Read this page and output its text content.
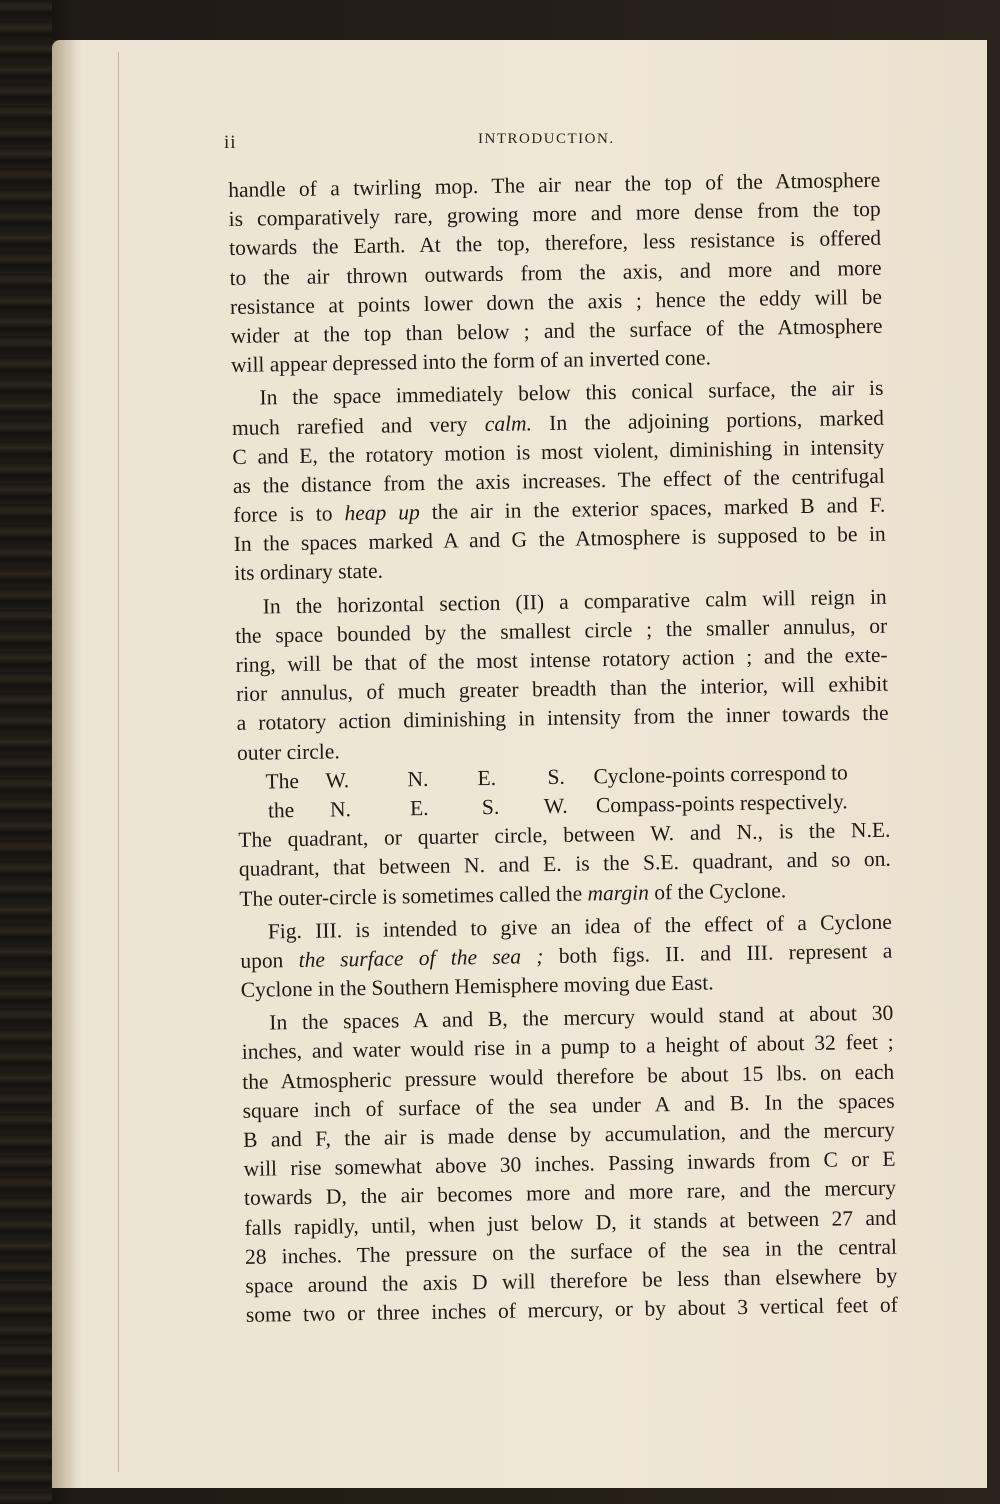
ii	INTRODUCTION.
handle of a twirling mop. The air near the top of the Atmosphere
is comparatively rare, growing more and more dense from the top
towards the Earth. At the top, therefore, less resistance is offered
to the air thrown outwards from the axis, and more and more
resistance at points lower down the axis ; hence the eddy will be
wider at the top than below ; and the surface of the Atmosphere
will appear depressed into the form of an inverted cone.
In the space immediately below this conical surface, the air is
much rarefied and very calm. In the adjoining portions, marked
C and E, the rotatory motion is most violent, diminishing in intensity
as the distance from the axis increases. The effect of the centrifugal
force is to heap up the air in the exterior spaces, marked B and F.
In the spaces marked A and G the Atmosphere is supposed to be in
its ordinary state.
In the horizontal section (II) a comparative calm will reign in
the space bounded by the smallest circle ; the smaller annulus, or
ring, will be that of the most intense rotatory action ; and the exte-
rior annulus, of much greater breadth than the interior, will exhibit
a rotatory action diminishing in intensity from the inner towards the
outer circle.
The W.	N. E. S. Cyclone-points correspond to
the N.	E. S. W. Compass-points respectively.
The quadrant, or quarter circle, between W. and N., is the N.E.
quadrant, that between N. and E. is the S.E. quadrant, and so on.
The outer-circle is sometimes called the margin of the Cyclone.
Fig. III. is intended to give an idea of the effect of a Cyclone
upon the surface of the sea ; both figs. II. and III. represent a
Cyclone in the Southern Hemisphere moving due East.
In the spaces A and B, the mercury would stand at about 30
inches, and water would rise in a pump to a height of about 32 feet ;
the Atmospheric pressure would therefore be about 15 lbs. on each
square inch of surface of the sea under A and B. In the spaces
B and F, the air is made dense by accumulation, and the mercury
will rise somewhat above 30 inches. Passing inwards from C or E
towards D, the air becomes more and more rare, and the mercury
falls rapidly, until, when just below D, it stands at between 27 and
28 inches. The pressure on the surface of the sea in the central
space around the axis D will therefore be less than elsewhere by
some two or three inches of mercury, or by about 3 vertical feet of
